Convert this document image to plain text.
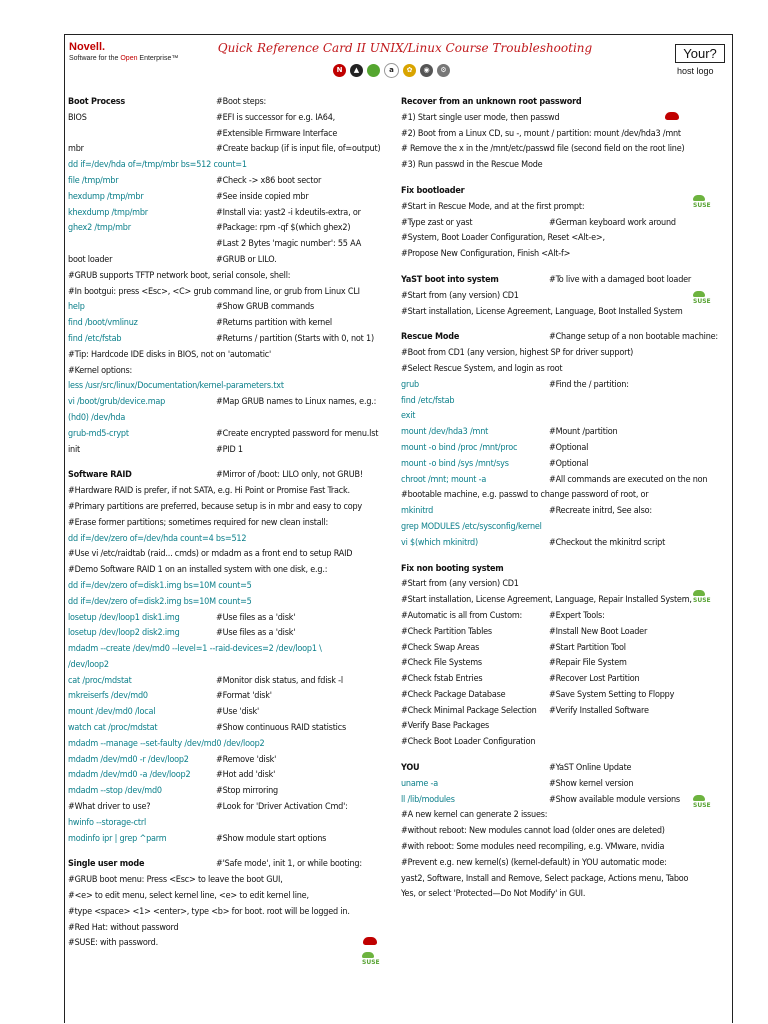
Novell.
Software for the Open Enterprise™
Quick Reference Card II UNIX/Linux Course Troubleshooting
N	▲	a	✿	◉	⚙
Your?
host logo
Boot Process	#Boot steps:
BIOS	#EFI is successor for e.g. IA64,
#Extensible Firmware Interface
mbr	#Create backup (if is input file, of=output)
dd if=/dev/hda of=/tmp/mbr bs=512 count=1
file /tmp/mbr	#Check -> x86 boot sector
hexdump /tmp/mbr	#See inside copied mbr
khexdump /tmp/mbr	#Install via: yast2 -i kdeutils-extra, or
ghex2 /tmp/mbr	#Package: rpm -qf $(which ghex2)
#Last 2 Bytes 'magic number': 55 AA
boot loader	#GRUB or LILO.
#GRUB supports TFTP network boot, serial console, shell:
#In bootgui: press <Esc>, <C> grub command line, or grub from Linux CLI
help	#Show GRUB commands
find /boot/vmlinuz	#Returns partition with kernel
find /etc/fstab	#Returns / partition (Starts with 0, not 1)
#Tip: Hardcode IDE disks in BIOS, not on 'automatic'
#Kernel options:
less /usr/src/linux/Documentation/kernel-parameters.txt
vi /boot/grub/device.map	#Map GRUB names to Linux names, e.g.:
(hd0) /dev/hda
grub-md5-crypt	#Create encrypted password for menu.lst
init	#PID 1
Software RAID	#Mirror of /boot: LILO only, not GRUB!
#Hardware RAID is prefer, if not SATA, e.g. Hi Point or Promise Fast Track.
#Primary partitions are preferred, because setup is in mbr and easy to copy
#Erase former partitions; sometimes required for new clean install:
dd if=/dev/zero of=/dev/hda count=4 bs=512
#Use vi /etc/raidtab (raid... cmds) or mdadm as a front end to setup RAID
#Demo Software RAID 1 on an installed system with one disk, e.g.:
dd if=/dev/zero of=disk1.img bs=10M count=5
dd if=/dev/zero of=disk2.img bs=10M count=5
losetup /dev/loop1 disk1.img	#Use files as a 'disk'
losetup /dev/loop2 disk2.img	#Use files as a 'disk'
mdadm --create /dev/md0 --level=1 --raid-devices=2 /dev/loop1 \
/dev/loop2
cat /proc/mdstat	#Monitor disk status, and fdisk -l
mkreiserfs /dev/md0	#Format 'disk'
mount /dev/md0 /local	#Use 'disk'
watch cat /proc/mdstat	#Show continuous RAID statistics
mdadm --manage --set-faulty /dev/md0 /dev/loop2
mdadm /dev/md0 -r /dev/loop2	#Remove 'disk'
mdadm /dev/md0 -a /dev/loop2	#Hot add 'disk'
mdadm --stop /dev/md0	#Stop mirroring
#What driver to use?	#Look for 'Driver Activation Cmd':
hwinfo --storage-ctrl
modinfo ipr | grep ^parm	#Show module start options
Single user mode	#'Safe mode', init 1, or while booting:
#GRUB boot menu: Press <Esc> to leave the boot GUI,
#<e> to edit menu, select kernel line, <e> to edit kernel line,
#type <space> <1> <enter>, type <b> for boot. root will be logged in.
#Red Hat: without password
#SUSE: with password.
Recover from an unknown root password
#1) Start single user mode, then passwd
#2) Boot from a Linux CD, su -, mount / partition: mount /dev/hda3 /mnt
# Remove the x in the /mnt/etc/passwd file (second field on the root line)
#3) Run passwd in the Rescue Mode
Fix bootloader
#Start in Rescue Mode, and at the first prompt:
#Type zast or yast	#German keyboard work around
#System, Boot Loader Configuration, Reset <Alt-e>,
#Propose New Configuration, Finish <Alt-f>
YaST boot into system	#To live with a damaged boot loader
#Start from (any version) CD1
#Start installation, License Agreement, Language, Boot Installed System
Rescue Mode	#Change setup of a non bootable machine:
#Boot from CD1 (any version, highest SP for driver support)
#Select Rescue System, and login as root
grub	#Find the / partition:
find /etc/fstab
exit
mount /dev/hda3 /mnt	#Mount /partition
mount -o bind /proc /mnt/proc	#Optional
mount -o bind /sys /mnt/sys	#Optional
chroot /mnt; mount -a	#All commands are executed on the non
#bootable machine, e.g. passwd to change password of root, or
mkinitrd	#Recreate initrd, See also:
grep MODULES /etc/sysconfig/kernel
vi $(which mkinitrd)	#Checkout the mkinitrd script
Fix non booting system
#Start from (any version) CD1
#Start installation, License Agreement, Language, Repair Installed System,
#Automatic is all from Custom:	#Expert Tools:
#Check Partition Tables	#Install New Boot Loader
#Check Swap Areas	#Start Partition Tool
#Check File Systems	#Repair File System
#Check fstab Entries	#Recover Lost Partition
#Check Package Database	#Save System Setting to Floppy
#Check Minimal Package Selection #Verify Installed Software
#Verify Base Packages
#Check Boot Loader Configuration
YOU	#YaST Online Update
uname -a	#Show kernel version
ll /lib/modules	#Show available module versions
#A new kernel can generate 2 issues:
#without reboot: New modules cannot load (older ones are deleted)
#with reboot: Some modules need recompiling, e.g. VMware, nvidia
#Prevent e.g. new kernel(s) (kernel-default) in YOU automatic mode:
yast2, Software, Install and Remove, Select package, Actions menu, Taboo
Yes, or select 'Protected—Do Not Modify' in GUI.
SUSE
SUSE
SUSE
SUSE
SUSE
